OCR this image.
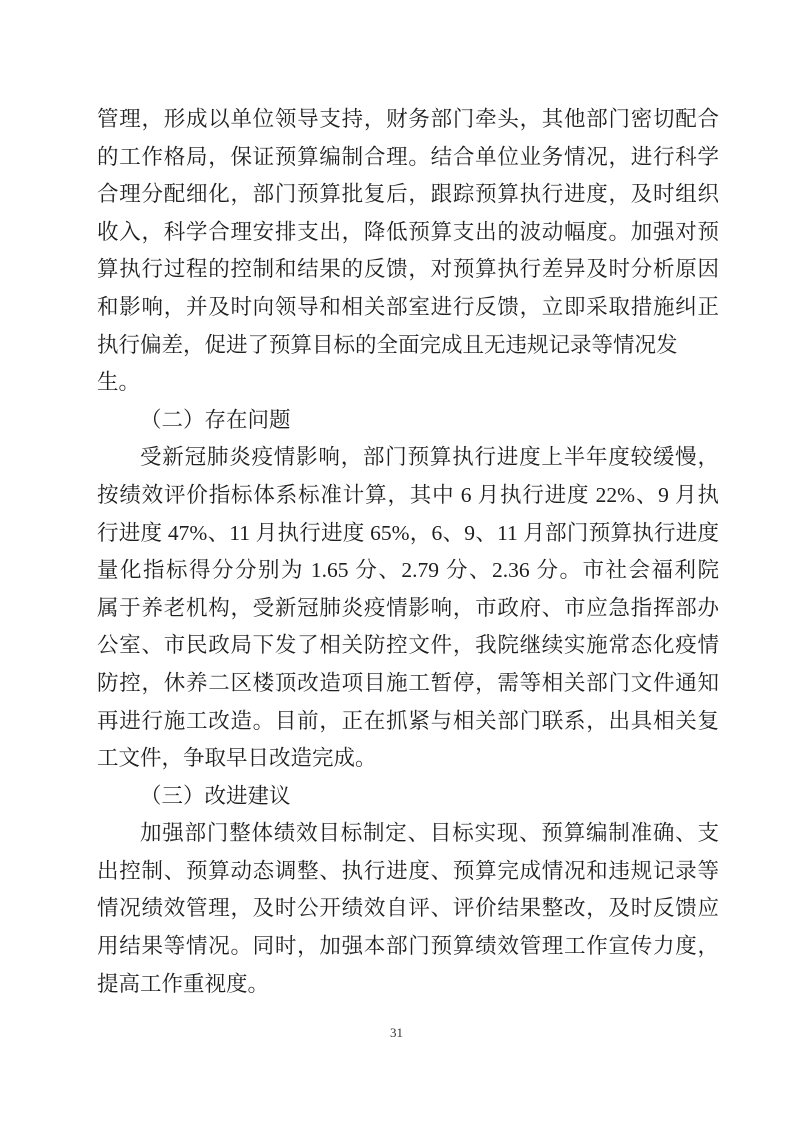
管理，形成以单位领导支持，财务部门牵头，其他部门密切配合
的工作格局，保证预算编制合理。结合单位业务情况，进行科学
合理分配细化，部门预算批复后，跟踪预算执行进度，及时组织
收入，科学合理安排支出，降低预算支出的波动幅度。加强对预
算执行过程的控制和结果的反馈，对预算执行差异及时分析原因
和影响，并及时向领导和相关部室进行反馈，立即采取措施纠正
执行偏差，促进了预算目标的全面完成且无违规记录等情况发
生。
（二）存在问题
受新冠肺炎疫情影响，部门预算执行进度上半年度较缓慢，
按绩效评价指标体系标准计算，其中 6 月执行进度 22%、9 月执
行进度 47%、11 月执行进度 65%，6、9、11 月部门预算执行进度
量化指标得分分别为 1.65 分、2.79 分、2.36 分。市社会福利院
属于养老机构，受新冠肺炎疫情影响，市政府、市应急指挥部办
公室、市民政局下发了相关防控文件，我院继续实施常态化疫情
防控，休养二区楼顶改造项目施工暂停，需等相关部门文件通知
再进行施工改造。目前，正在抓紧与相关部门联系，出具相关复
工文件，争取早日改造完成。
（三）改进建议
加强部门整体绩效目标制定、目标实现、预算编制准确、支
出控制、预算动态调整、执行进度、预算完成情况和违规记录等
情况绩效管理，及时公开绩效自评、评价结果整改，及时反馈应
用结果等情况。同时，加强本部门预算绩效管理工作宣传力度，
提高工作重视度。
31
